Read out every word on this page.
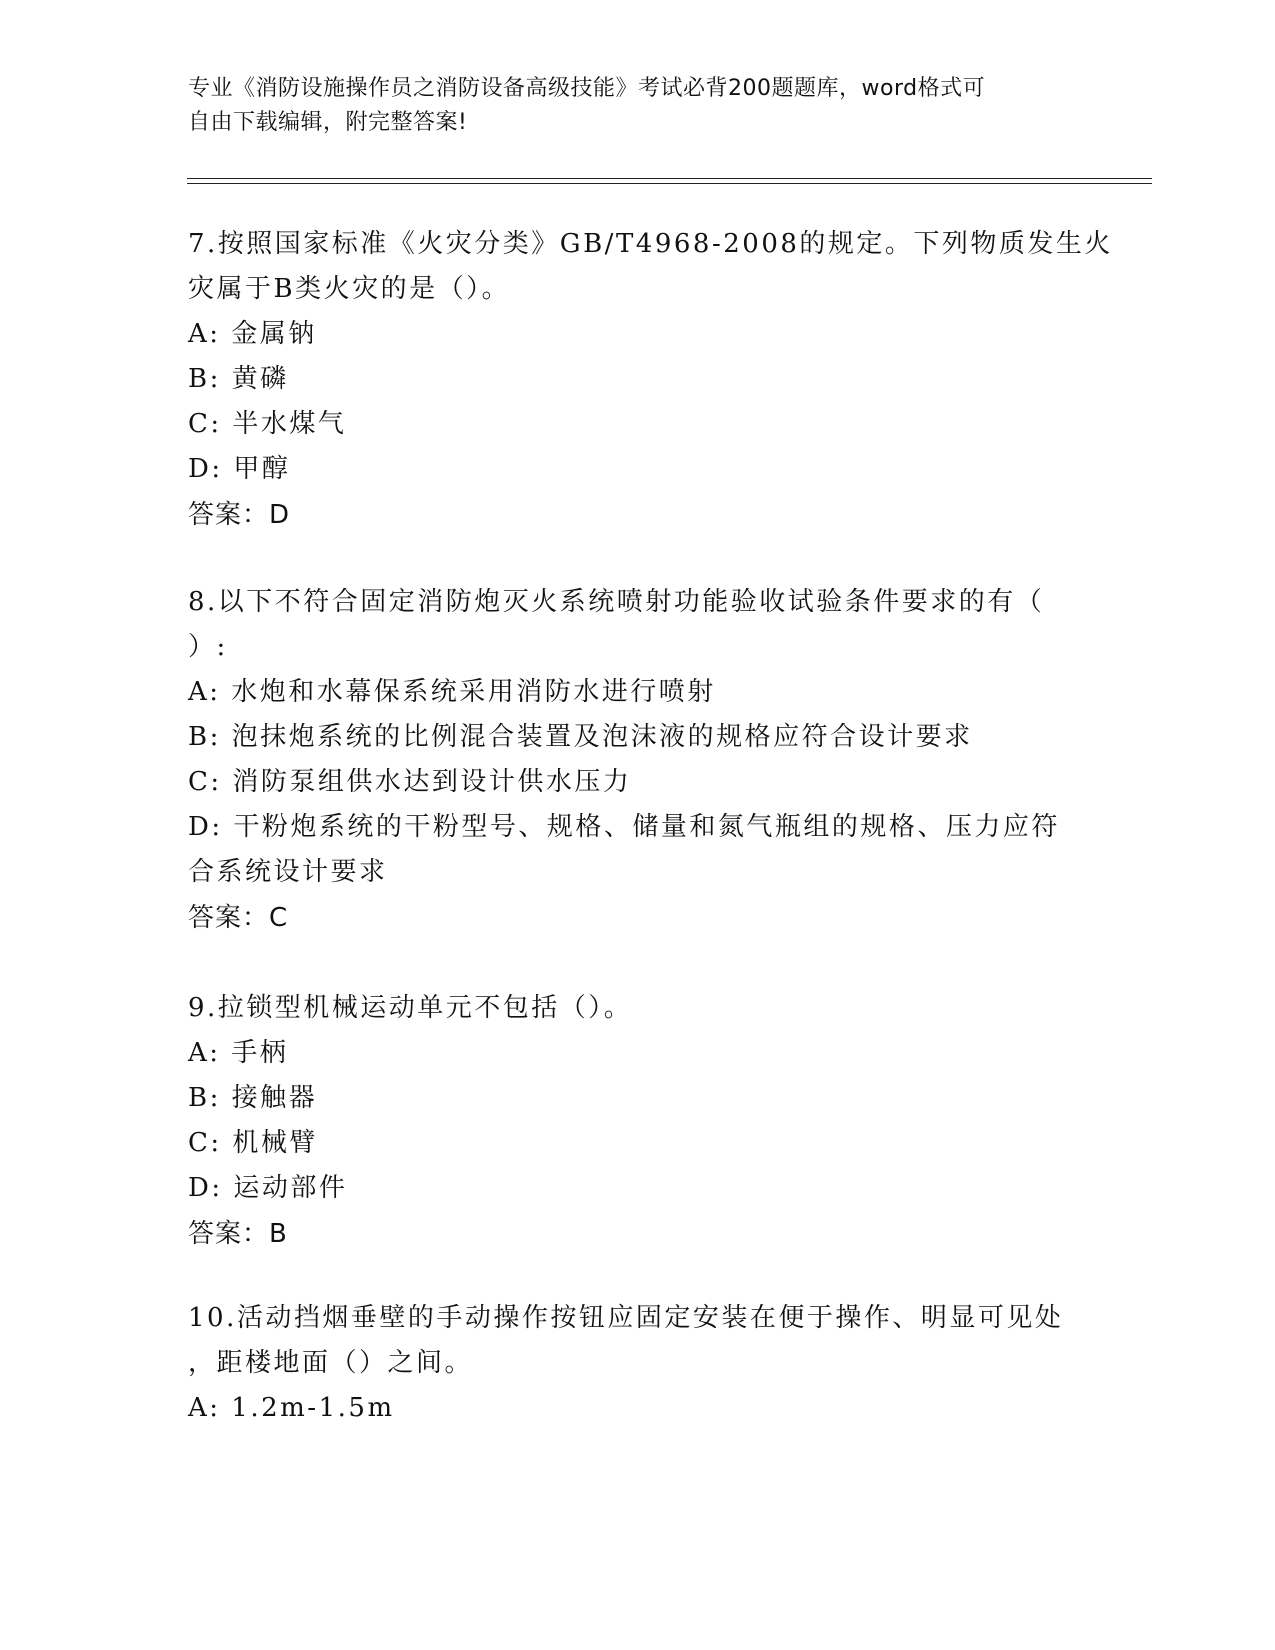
专业《消防设施操作员之消防设备高级技能》考试必背200题题库，word格式可
自由下载编辑，附完整答案!
7.按照国家标准《火灾分类》GB/T4968-2008的规定。下列物质发生火
灾属于B类火灾的是（）。
A: 金属钠
B: 黄磷
C: 半水煤气
D: 甲醇
答案：D
8.以下不符合固定消防炮灭火系统喷射功能验收试验条件要求的有（
）:
A: 水炮和水幕保系统采用消防水进行喷射
B: 泡抹炮系统的比例混合装置及泡沫液的规格应符合设计要求
C: 消防泵组供水达到设计供水压力
D: 干粉炮系统的干粉型号、规格、储量和氮气瓶组的规格、压力应符
合系统设计要求
答案：C
9.拉锁型机械运动单元不包括（）。
A: 手柄
B: 接触器
C: 机械臂
D: 运动部件
答案：B
10.活动挡烟垂壁的手动操作按钮应固定安装在便于操作、明显可见处
，距楼地面（）之间。
A: 1.2m-1.5m
